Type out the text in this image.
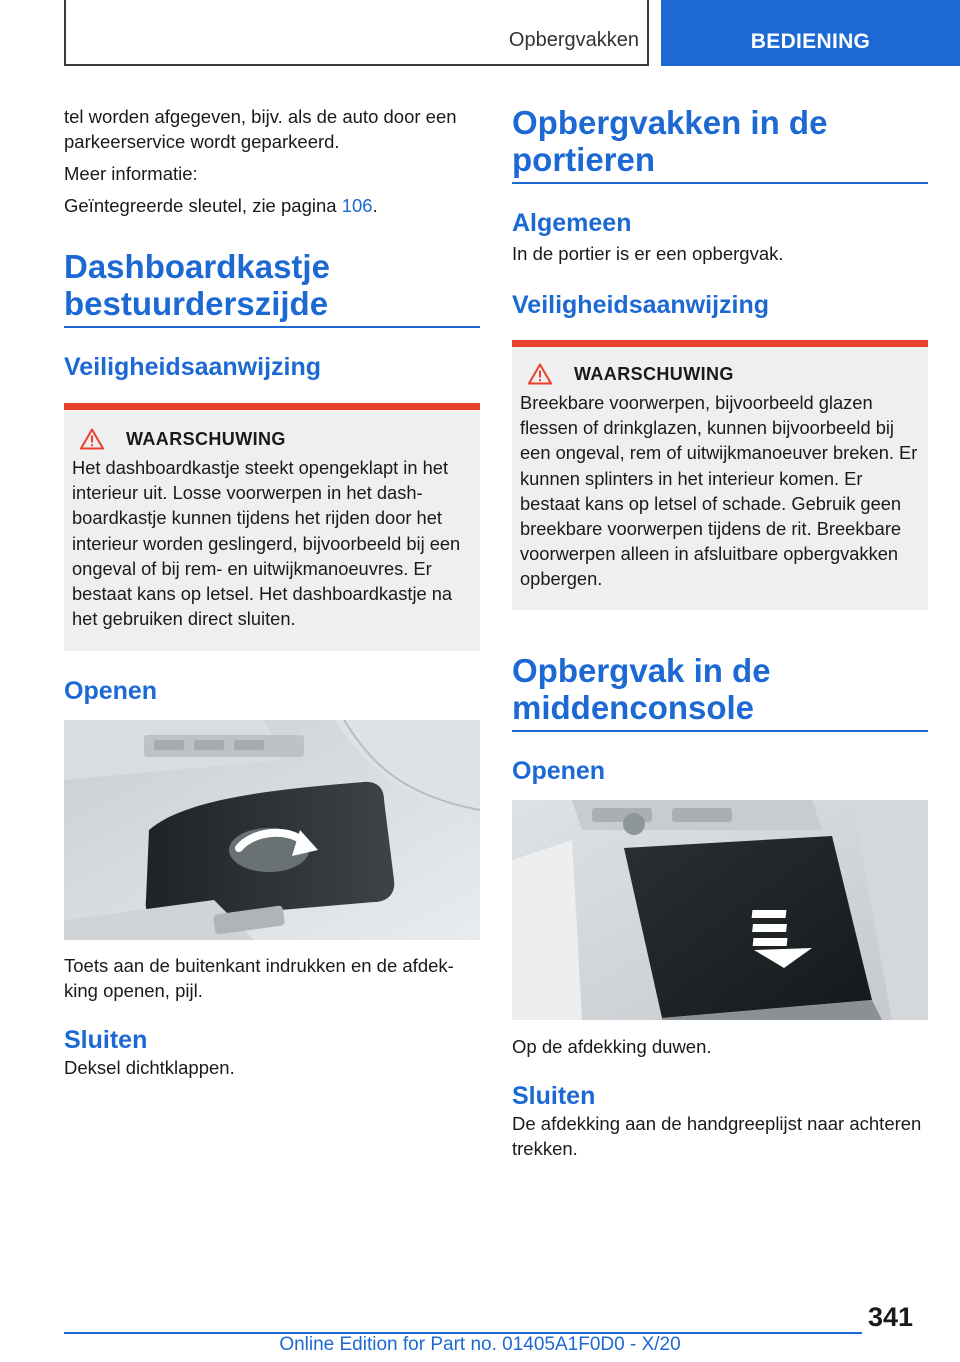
Opbergvakken	BEDIENING

tel worden afgegeven, bijv. als de auto door een parkeerservice wordt geparkeerd.

Meer informatie:

Geïntegreerde sleutel, zie pagina 106.

Dashboardkastje bestuurderszijde
Veiligheidsaanwijzing
WAARSCHUWING

Het dashboardkastje steekt opengeklapt in het interieur uit. Losse voorwerpen in het dashboardkastje kunnen tijdens het rijden door het interieur worden geslingerd, bijvoorbeeld bij een ongeval of bij rem- en uitwijkmanoeuvres. Er bestaat kans op letsel. Het dashboardkastje na het gebruiken direct sluiten.

Openen

Toets aan de buitenkant indrukken en de afdekking openen, pijl.

Sluiten

Deksel dichtklappen.

Opbergvakken in de portieren
Algemeen

In de portier is er een opbergvak.

Veiligheidsaanwijzing
WAARSCHUWING

Breekbare voorwerpen, bijvoorbeeld glazen flessen of drinkglazen, kunnen bijvoorbeeld bij een ongeval, rem of uitwijkmanoeuver breken. Er kunnen splinters in het interieur komen. Er bestaat kans op letsel of schade. Gebruik geen breekbare voorwerpen tijdens de rit. Breekbare voorwerpen alleen in afsluitbare opbergvakken opbergen.

Opbergvak in de middenconsole
Openen

Op de afdekking duwen.

Sluiten

De afdekking aan de handgreeplijst naar achteren trekken.

341
Online Edition for Part no. 01405A1F0D0 - X/20
